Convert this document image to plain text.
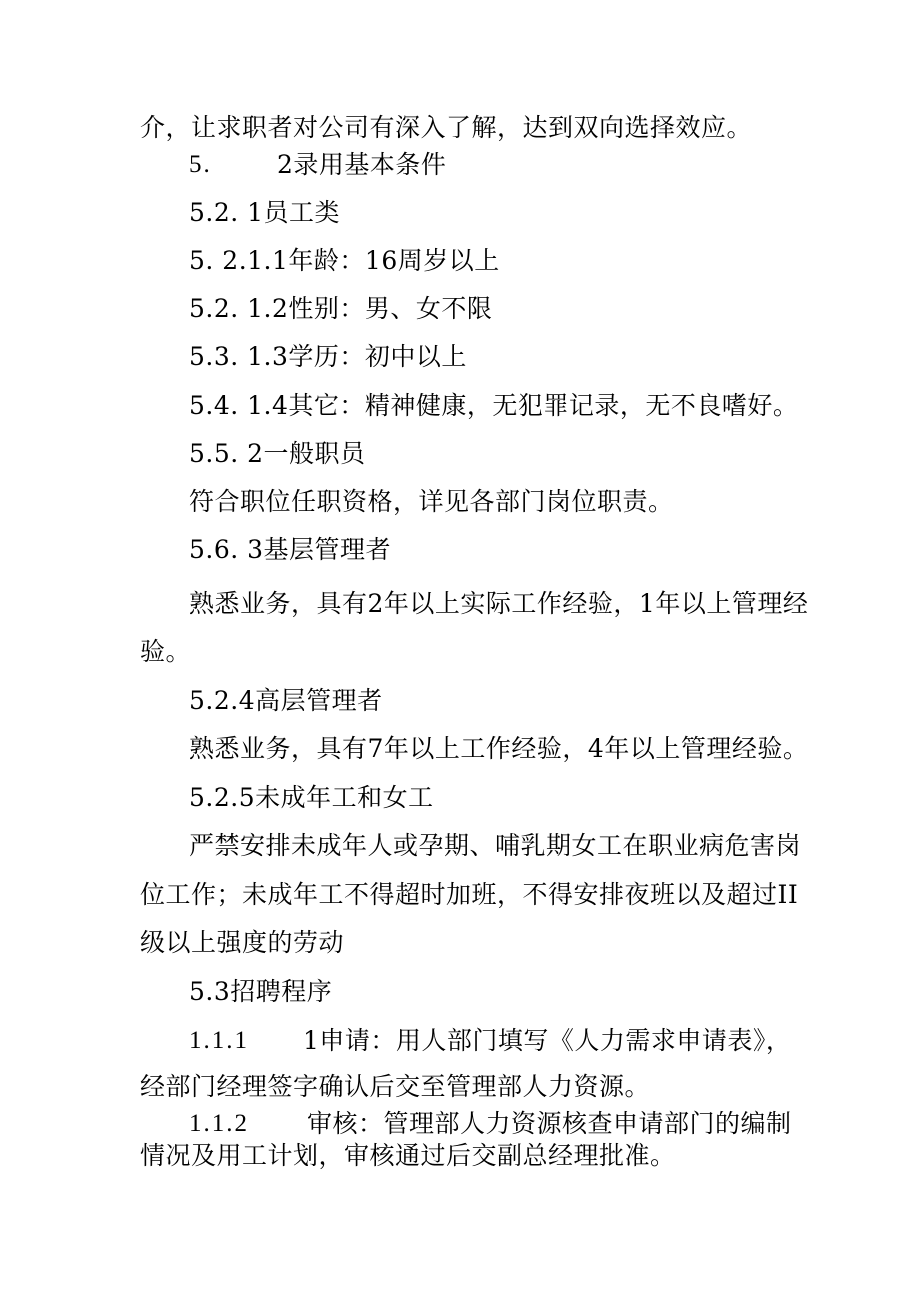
介，让求职者对公司有深入了解，达到双向选择效应。
5.	2录用基本条件
5.2. 1员工类
5. 2.1.1年龄：16周岁以上
5.2. 1.2性别：男、女不限
5.3. 1.3学历：初中以上
5.4. 1.4其它：精神健康，无犯罪记录，无不良嗜好。
5.5. 2一般职员
符合职位任职资格，详见各部门岗位职责。
5.6. 3基层管理者
熟悉业务，具有2年以上实际工作经验，1年以上管理经
验。
5.2.4高层管理者
熟悉业务，具有7年以上工作经验，4年以上管理经验。
5.2.5未成年工和女工
严禁安排未成年人或孕期、哺乳期女工在职业病危害岗
位工作；未成年工不得超时加班，不得安排夜班以及超过II
级以上强度的劳动
5.3招聘程序
1.1.1 1申请：用人部门填写《人力需求申请表》，
经部门经理签字确认后交至管理部人力资源。
1.1.2 审核：管理部人力资源核查申请部门的编制
情况及用工计划，审核通过后交副总经理批准。
